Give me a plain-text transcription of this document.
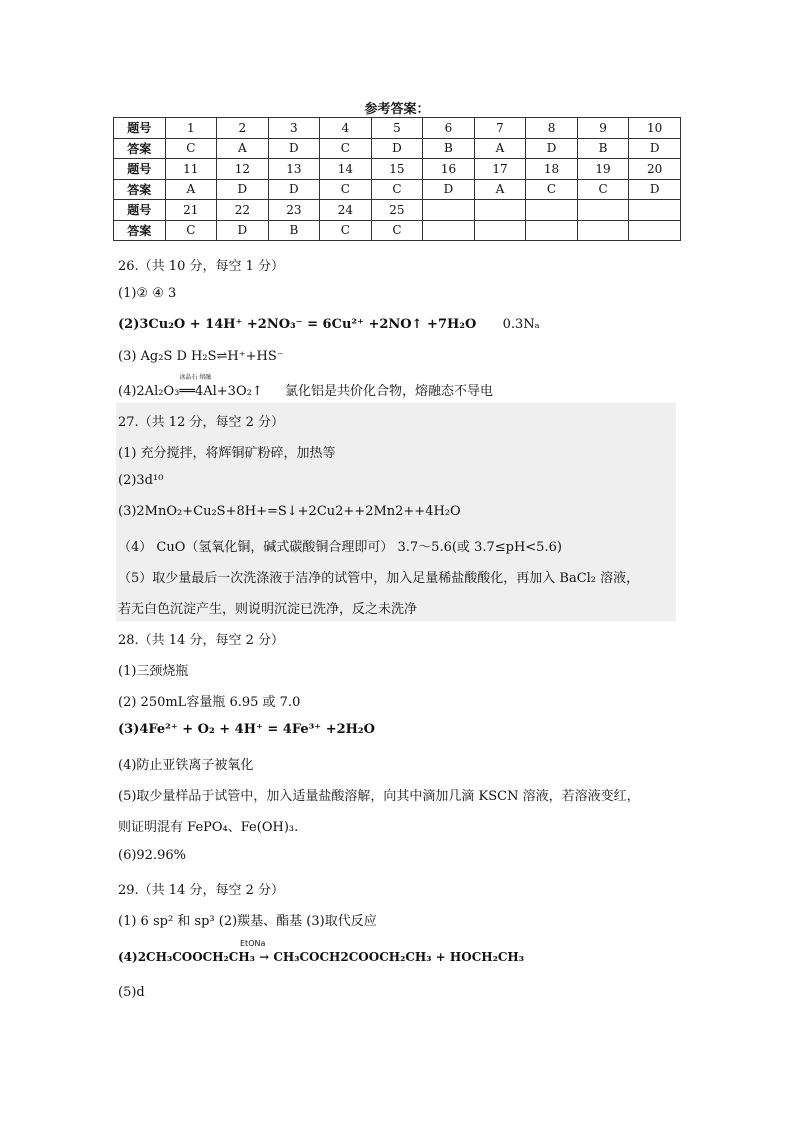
参考答案：
题号	1	2	3	4	5	6	7	8	9	10
答案	C	A	D	C	D	B	A	D	B	D
题号	11	12	13	14	15	16	17	18	19	20
答案	A	D	D	C	C	D	A	C	C	D
题号	21	22	23	24	25					
答案	C	D	B	C	C					
26.（共 10 分，每空 1 分）
(1)② ④ 3
(2)3Cu₂O + 14H⁺ +2NO₃⁻ = 6Cu²⁺ +2NO↑ +7H₂O 0.3Nₐ
(3) Ag₂S D H₂S⇌H⁺+HS⁻
(4)2Al₂O₃
冰晶石 熔融
══4Al+3O₂↑ 氯化铝是共价化合物，熔融态不导电
27.（共 12 分，每空 2 分）
(1) 充分搅拌，将辉铜矿粉碎，加热等
(2)3d¹⁰
(3)2MnO₂+Cu₂S+8H+=S↓+2Cu2++2Mn2++4H₂O
（4） CuO（氢氧化铜，碱式碳酸铜合理即可） 3.7～5.6(或 3.7≤pH<5.6)
（5）取少量最后一次洗涤液于洁净的试管中，加入足量稀盐酸酸化，再加入 BaCl₂ 溶液，
若无白色沉淀产生，则说明沉淀已洗净，反之未洗净
28.（共 14 分，每空 2 分）
(1)三颈烧瓶
(2) 250mL容量瓶 6.95 或 7.0
(3)4Fe²⁺ + O₂ + 4H⁺ = 4Fe³⁺ +2H₂O
(4)防止亚铁离子被氧化
(5)取少量样品于试管中，加入适量盐酸溶解，向其中滴加几滴 KSCN 溶液，若溶液变红，
则证明混有 FePO₄、Fe(OH)₃.
(6)92.96%
29.（共 14 分，每空 2 分）
(1) 6 sp² 和 sp³ (2)羰基、酯基 (3)取代反应
EtONa
(4)2CH₃COOCH₂CH₃ → CH₃COCH2COOCH₂CH₃ + HOCH₂CH₃
(5)d
